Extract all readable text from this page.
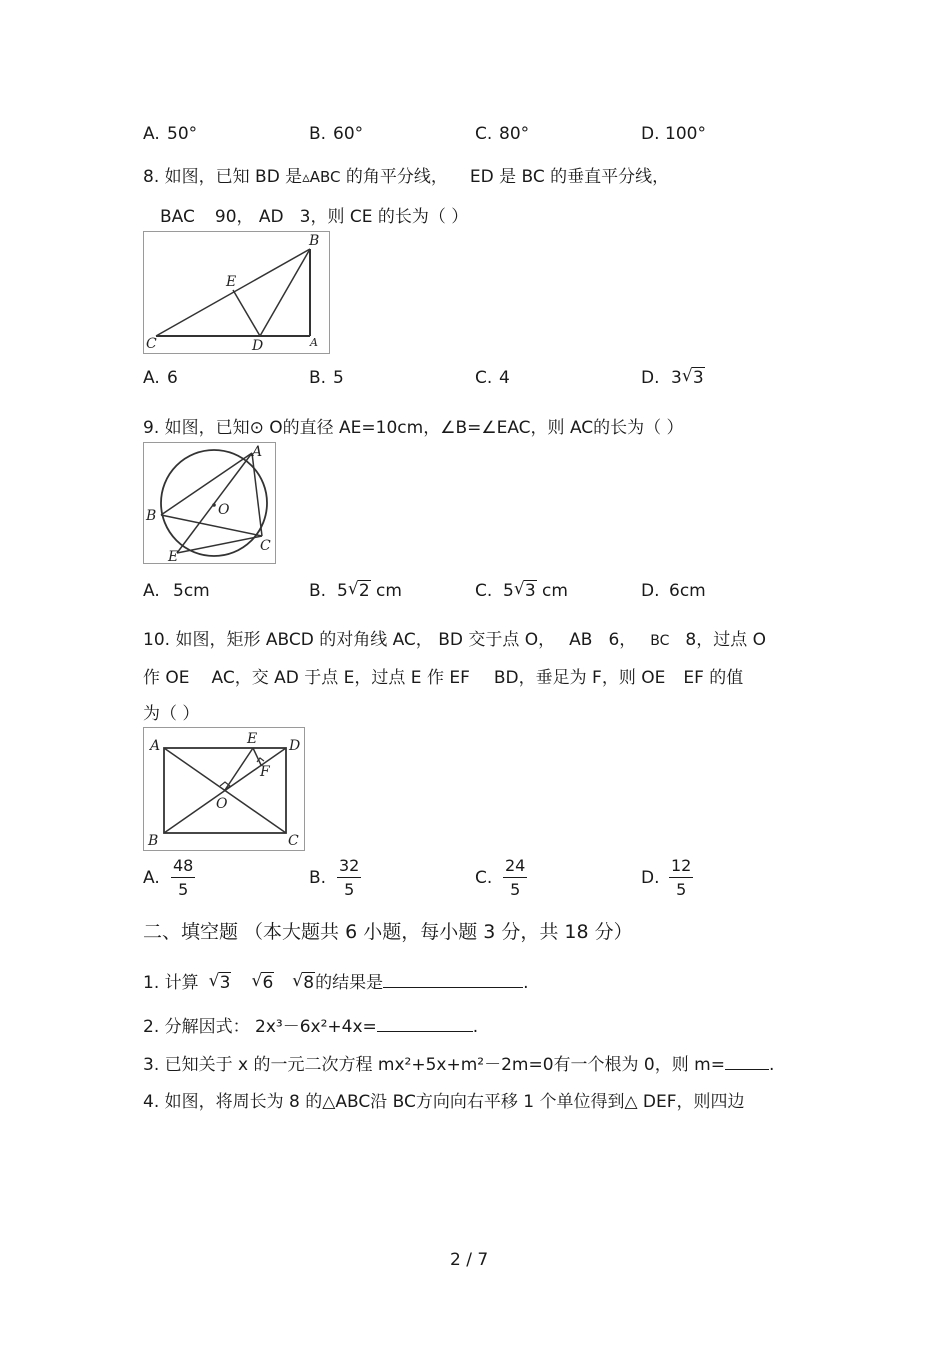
A. 50°	B. 60°	C. 80°	D. 100°
8. 如图，已知 BD 是▵ABC 的角平分线， ED 是 BC 的垂直平分线，
BAC 90， AD 3，则 CE 的长为（ ）
B
E
C	D	A
A. 6	B. 5	C. 4	D. 3 √ 3
9. 如图，已知⊙ O的直径 AE=10cm，∠B=∠EAC，则 AC的长为（ ）
A
B	O
E
C
A. 5cm	B. 5 √ 2 cm	C. 5 √ 3 cm	D. 6cm
10. 如图，矩形 ABCD 的对角线 AC， BD 交于点 O， AB 6， BC 8，过点 O
作 OE AC，交 AD 于点 E，过点 E 作 EF BD，垂足为 F，则 OE EF 的值
为（ ）
A	E D
F
O
B	C
A. $\frac{48}{5}$	B. $\frac{32}{5}$	C. $\frac{24}{5}$	D. $\frac{12}{5}$
二、填空题 （本大题共 6 小题，每小题 3 分，共 18 分）
1. 计算 √ 3 √ 6 √ 8的结果是	.
2. 分解因式： 2x³－6x²+4x=	.
3. 已知关于 x 的一元二次方程 mx²+5x+m²－2m=0有一个根为 0，则 m=	.
4. 如图，将周长为 8 的△ABC沿 BC方向向右平移 1 个单位得到△ DEF，则四边
2 / 7
